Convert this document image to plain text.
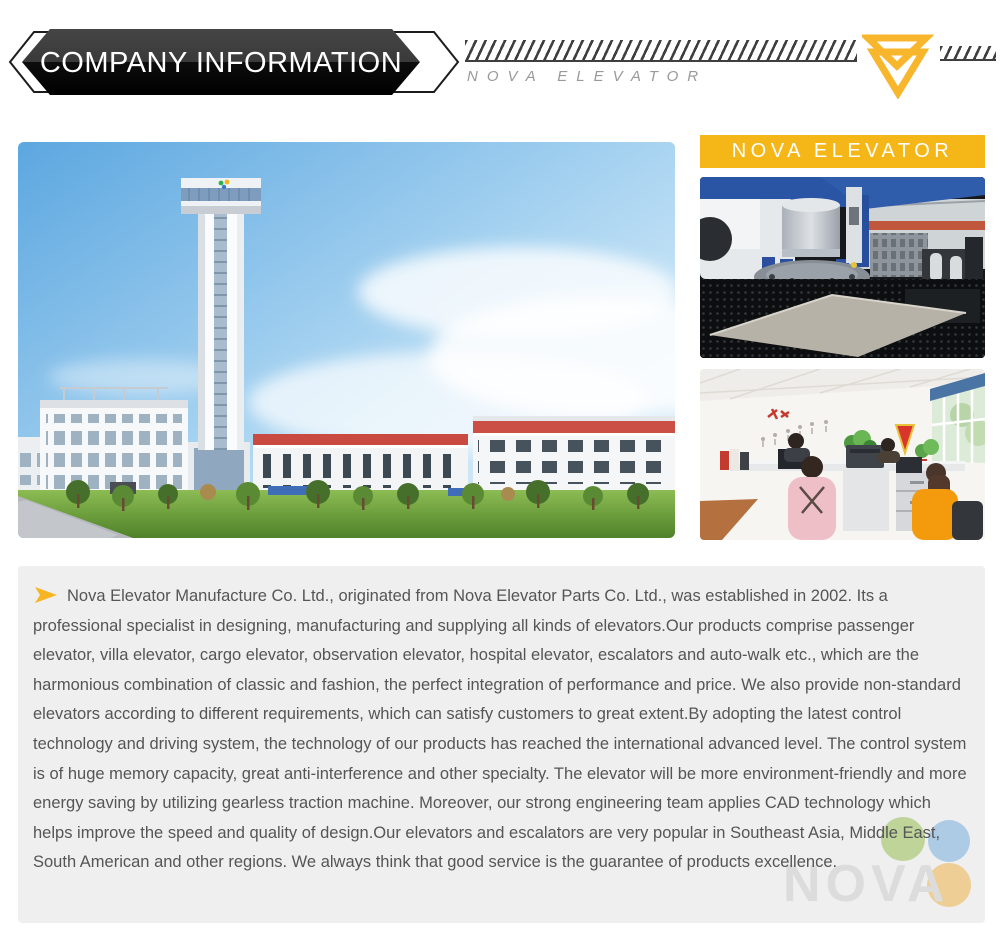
COMPANY INFORMATION	NOVA ELEVATOR
NOVA ELEVATOR
NOVA
Nova Elevator Manufacture Co. Ltd., originated from Nova Elevator Parts Co. Ltd., was established in 2002. Its a professional specialist in designing, manufacturing and supplying all kinds of elevators.Our products comprise passenger elevator, villa elevator, cargo elevator, observation elevator, hospital elevator, escalators and auto-walk etc., which are the harmonious combination of classic and fashion, the perfect integration of performance and price. We also provide non-standard elevators according to different requirements, which can satisfy customers to great extent.By adopting the latest control technology and driving system, the technology of our products has reached the international advanced level. The control system is of huge memory capacity, great anti-interference and other specialty. The elevator will be more environment-friendly and more energy saving by utilizing gearless traction machine. Moreover, our strong engineering team applies CAD technology which helps improve the speed and quality of design.Our elevators and escalators are very popular in Southeast Asia, Middle East, South American and other regions. We always think that good service is the guarantee of products excellence.
